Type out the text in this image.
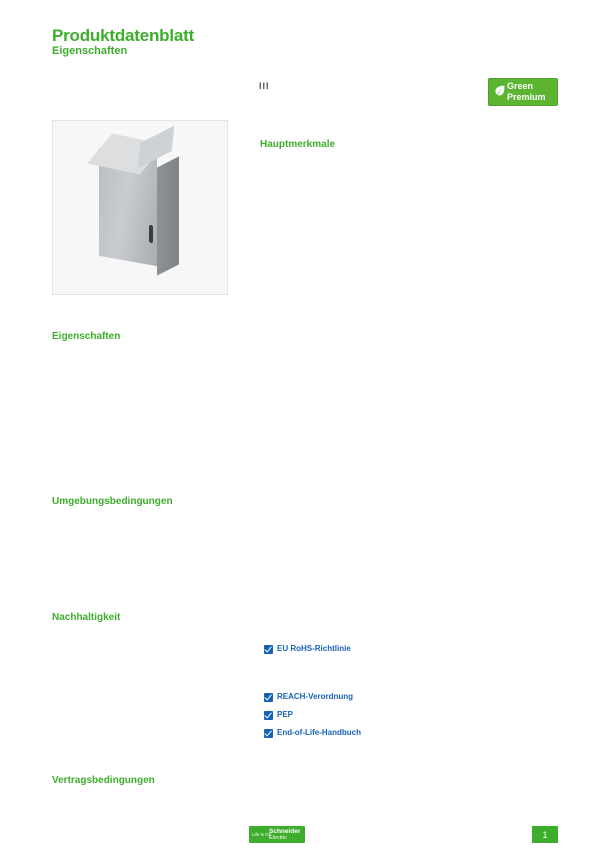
Produktdatenblatt
Eigenschaften
III	Green
Premium
Hauptmerkmale
Eigenschaften
Umgebungsbedingungen
Nachhaltigkeit
Vertragsbedingungen
EU RoHS-Richtlinie
REACH-Verordnung
PEP
End-of-Life-Handbuch
Life Is On
Schneider
Electric	1
